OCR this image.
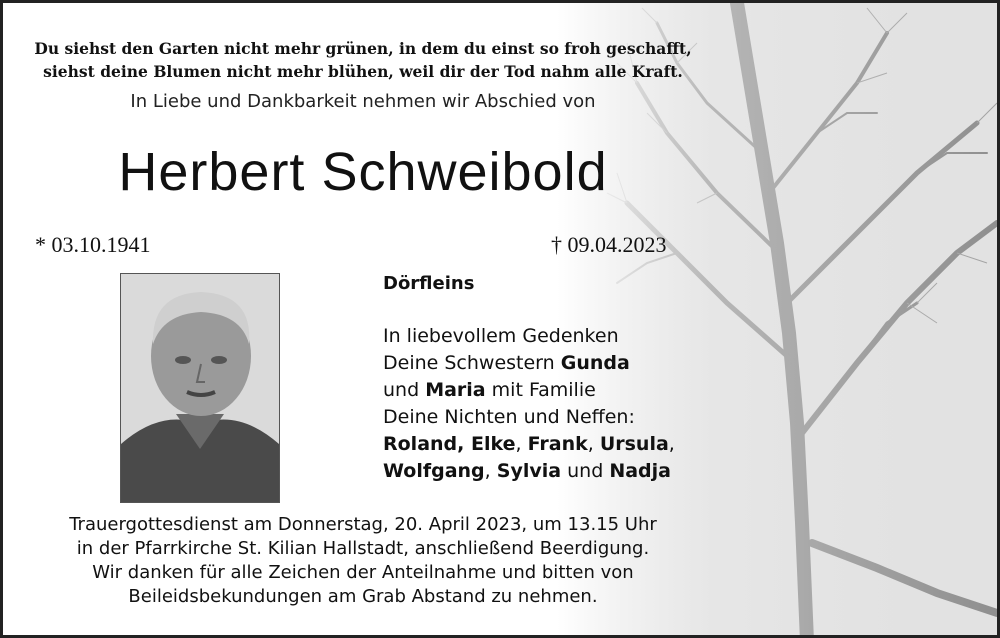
Du siehst den Garten nicht mehr grünen, in dem du einst so froh geschafft,
siehst deine Blumen nicht mehr blühen, weil dir der Tod nahm alle Kraft.
In Liebe und Dankbarkeit nehmen wir Abschied von
Herbert Schweibold
* 03.10.1941	† 09.04.2023
Dörfleins
In liebevollem Gedenken
Deine Schwestern Gunda
und Maria mit Familie
Deine Nichten und Neffen:
Roland, Elke, Frank, Ursula,
Wolfgang, Sylvia und Nadja
Trauergottesdienst am Donnerstag, 20. April 2023, um 13.15 Uhr
in der Pfarrkirche St. Kilian Hallstadt, anschließend Beerdigung.
Wir danken für alle Zeichen der Anteilnahme und bitten von
Beileidsbekundungen am Grab Abstand zu nehmen.
